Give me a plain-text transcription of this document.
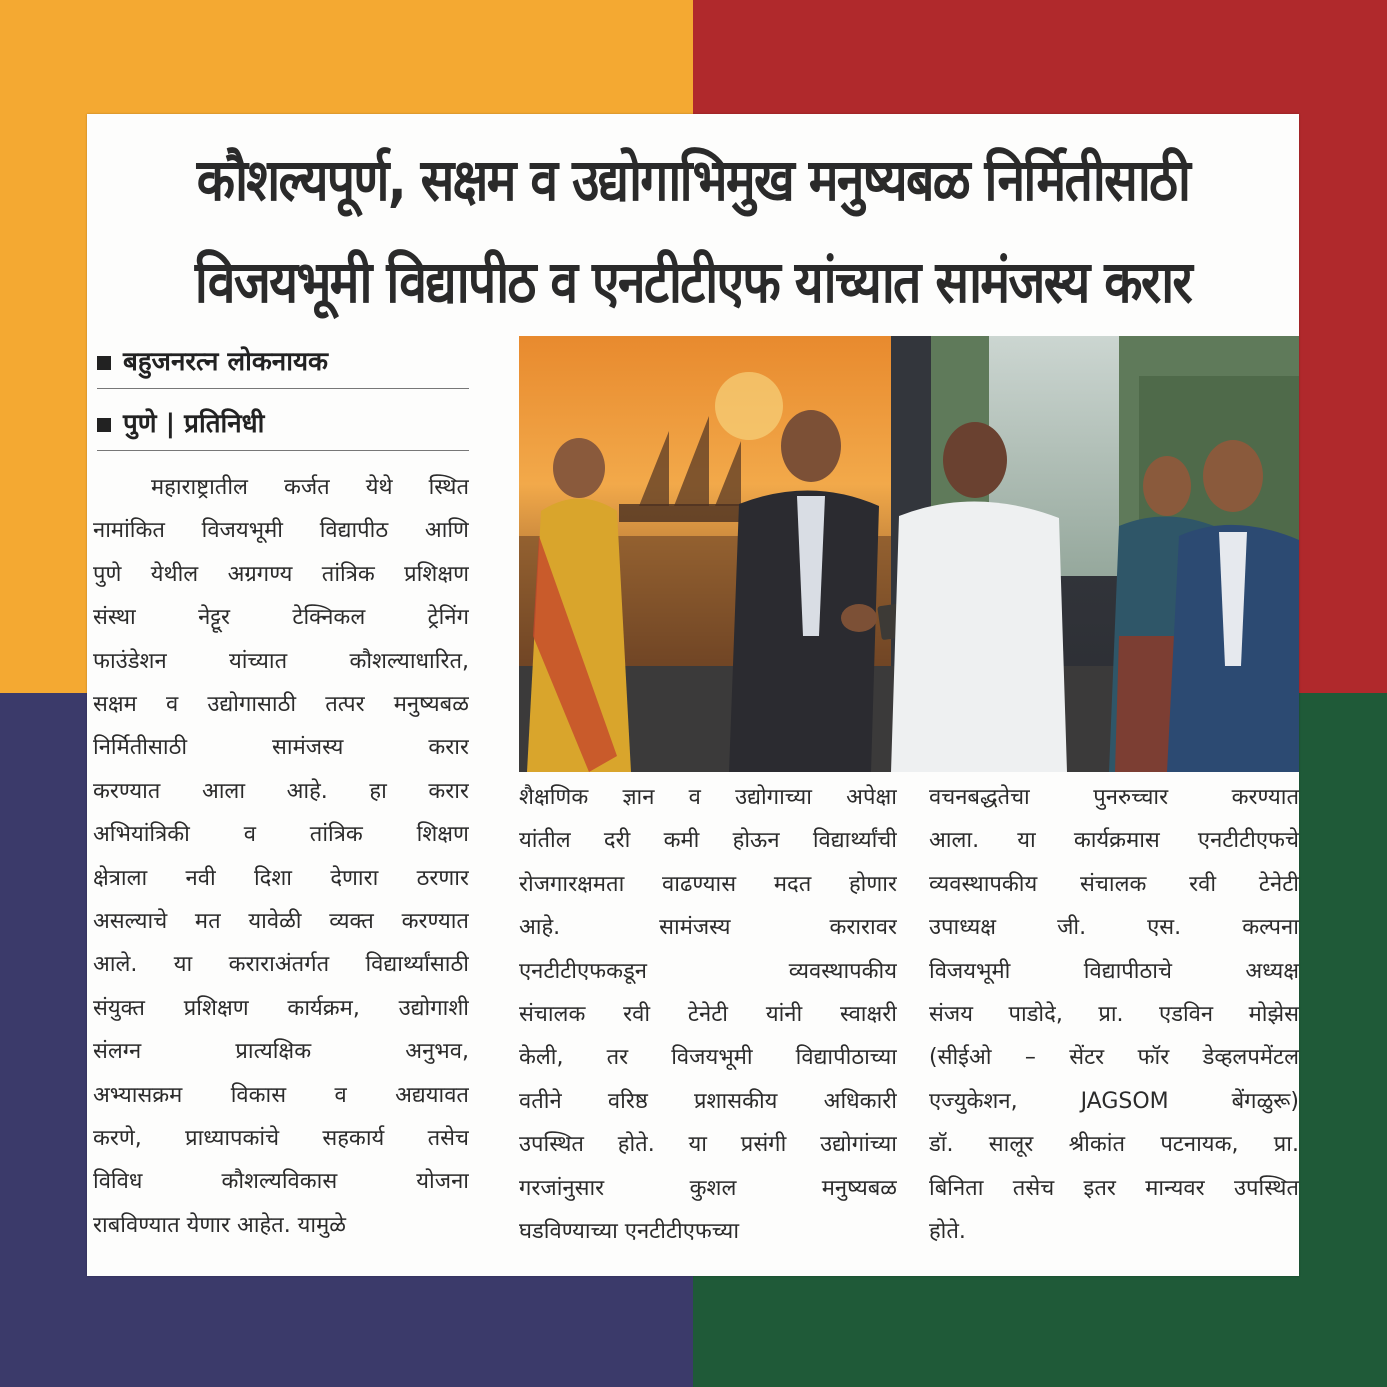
कौशल्यपूर्ण, सक्षम व उद्योगाभिमुख मनुष्यबळ निर्मितीसाठी
विजयभूमी विद्यापीठ व एनटीटीएफ यांच्यात सामंजस्य करार
बहुजनरत्न लोकनायक
पुणे | प्रतिनिधी
महाराष्ट्रातील कर्जत येथे स्थित
नामांकित विजयभूमी विद्यापीठ आणि
पुणे येथील अग्रगण्य तांत्रिक प्रशिक्षण
संस्था	नेट्टूर	टेक्निकल	ट्रेनिंग
फाउंडेशन	यांच्यात	कौशल्याधारित,
सक्षम व उद्योगासाठी तत्पर मनुष्यबळ
निर्मितीसाठी	सामंजस्य	करार
करण्यात आला आहे. हा करार
अभियांत्रिकी व तांत्रिक शिक्षण
क्षेत्राला नवी दिशा देणारा ठरणार
असल्याचे मत यावेळी व्यक्त करण्यात
आले. या कराराअंतर्गत विद्यार्थ्यांसाठी
संयुक्त प्रशिक्षण कार्यक्रम, उद्योगाशी
संलग्न	प्रात्यक्षिक	अनुभव,
अभ्यासक्रम विकास व अद्ययावत
करणे, प्राध्यापकांचे सहकार्य तसेच
विविध	कौशल्यविकास	योजना
राबविण्यात येणार आहेत. यामुळे
शैक्षणिक ज्ञान व उद्योगाच्या अपेक्षा
यांतील दरी कमी होऊन विद्यार्थ्यांची
रोजगारक्षमता वाढण्यास मदत होणार
आहे.	सामंजस्य	करारावर
एनटीटीएफकडून	व्यवस्थापकीय
संचालक रवी टेनेटी यांनी स्वाक्षरी
केली, तर विजयभूमी विद्यापीठाच्या
वतीने वरिष्ठ प्रशासकीय अधिकारी
उपस्थित होते. या प्रसंगी उद्योगांच्या
गरजांनुसार	कुशल	मनुष्यबळ
घडविण्याच्या एनटीटीएफच्या
वचनबद्धतेचा	पुनरुच्चार	करण्यात
आला. या कार्यक्रमास एनटीटीएफचे
व्यवस्थापकीय संचालक रवी टेनेटी
उपाध्यक्ष	जी.	एस.	कल्पना
विजयभूमी	विद्यापीठाचे	अध्यक्ष
संजय पाडोदे, प्रा. एडविन मोझेस
(सीईओ – सेंटर फॉर डेव्हलपमेंटल
एज्युकेशन,	JAGSOM	बेंगळुरू)
डॉ. सालूर श्रीकांत पटनायक, प्रा.
बिनिता तसेच इतर मान्यवर उपस्थित
होते.
